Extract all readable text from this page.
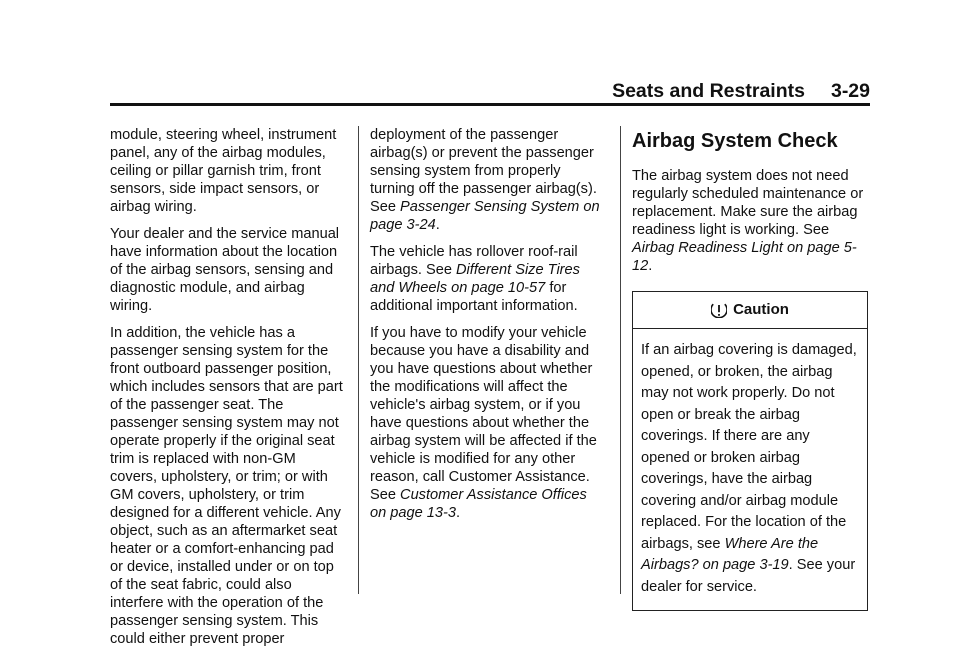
Seats and Restraints 3-29

module, steering wheel, instrument panel, any of the airbag modules, ceiling or pillar garnish trim, front sensors, side impact sensors, or airbag wiring.

Your dealer and the service manual have information about the location of the airbag sensors, sensing and diagnostic module, and airbag wiring.

In addition, the vehicle has a passenger sensing system for the front outboard passenger position, which includes sensors that are part of the passenger seat. The passenger sensing system may not operate properly if the original seat trim is replaced with non-GM covers, upholstery, or trim; or with GM covers, upholstery, or trim designed for a different vehicle. Any object, such as an aftermarket seat heater or a comfort-enhancing pad or device, installed under or on top of the seat fabric, could also interfere with the operation of the passenger sensing system. This could either prevent proper

deployment of the passenger airbag(s) or prevent the passenger sensing system from properly turning off the passenger airbag(s). See Passenger Sensing System on page 3-24.

The vehicle has rollover roof-rail airbags. See Different Size Tires and Wheels on page 10-57 for additional important information.

If you have to modify your vehicle because you have a disability and you have questions about whether the modifications will affect the vehicle's airbag system, or if you have questions about whether the airbag system will be affected if the vehicle is modified for any other reason, call Customer Assistance. See Customer Assistance Offices on page 13-3.

Airbag System Check

The airbag system does not need regularly scheduled maintenance or replacement. Make sure the airbag readiness light is working. See Airbag Readiness Light on page 5-12.

Caution
If an airbag covering is damaged, opened, or broken, the airbag may not work properly. Do not open or break the airbag coverings. If there are any opened or broken airbag coverings, have the airbag covering and/or airbag module replaced. For the location of the airbags, see Where Are the Airbags? on page 3-19. See your dealer for service.
